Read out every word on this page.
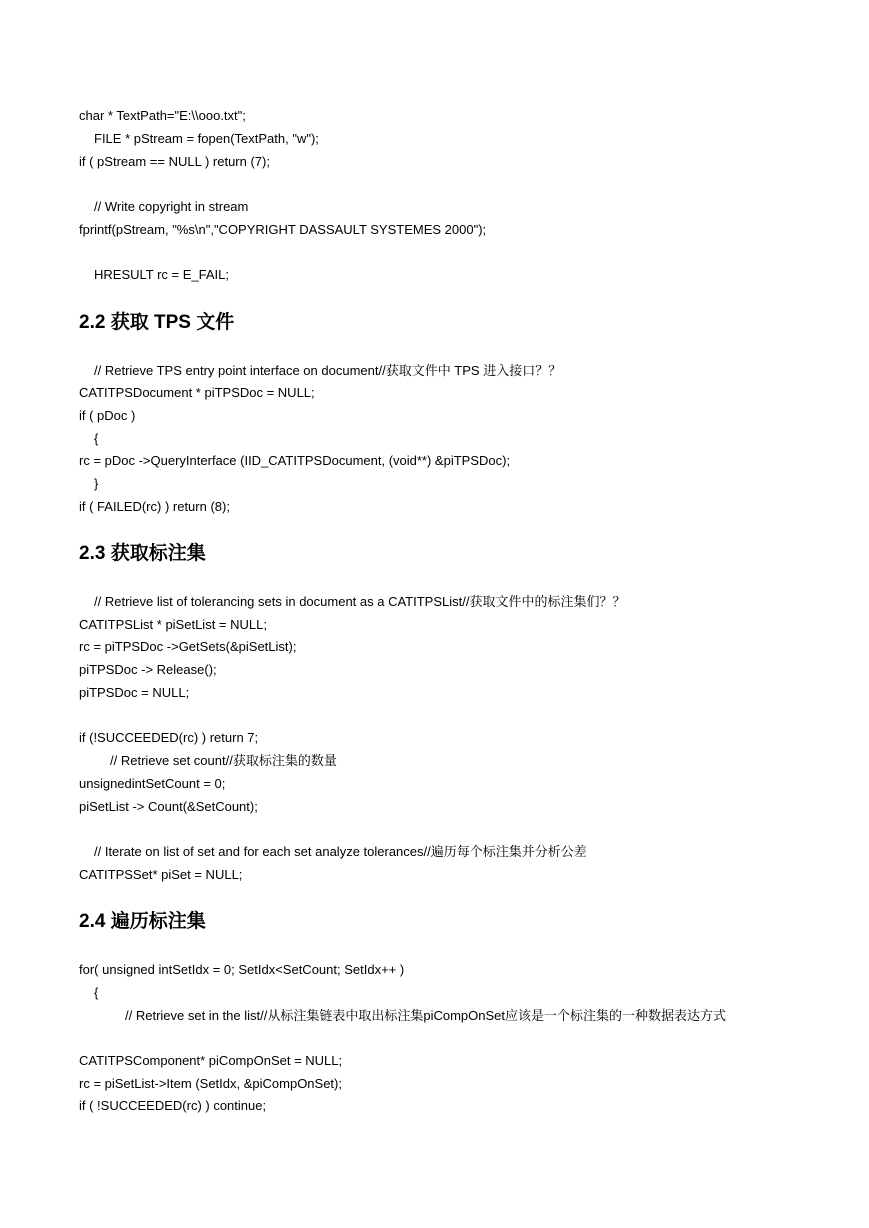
char * TextPath="E:\\ooo.txt";
FILE * pStream = fopen(TextPath, "w");
if ( pStream == NULL ) return (7);
// Write copyright in stream
fprintf(pStream, "%s\n","COPYRIGHT DASSAULT SYSTEMES 2000");
HRESULT rc = E_FAIL;
2.2 获取 TPS 文件
// Retrieve TPS entry point interface on document//获取文件中 TPS 进入接口？？
CATITPSDocument * piTPSDoc = NULL;
if ( pDoc )
{
rc = pDoc ->QueryInterface (IID_CATITPSDocument, (void**) &piTPSDoc);
}
if ( FAILED(rc) ) return (8);
2.3 获取标注集
// Retrieve list of tolerancing sets in document as a CATITPSList//获取文件中的标注集们？？
CATITPSList * piSetList = NULL;
rc = piTPSDoc ->GetSets(&piSetList);
piTPSDoc -> Release();
piTPSDoc = NULL;
if (!SUCCEEDED(rc) ) return 7;
// Retrieve set count//获取标注集的数量
unsignedintSetCount = 0;
piSetList -> Count(&SetCount);
// Iterate on list of set and for each set analyze tolerances//遍历每个标注集并分析公差
CATITPSSet* piSet = NULL;
2.4 遍历标注集
for( unsigned intSetIdx = 0; SetIdx<SetCount; SetIdx++ )
{
// Retrieve set in the list//从标注集链表中取出标注集piCompOnSet应该是一个标注集的一种数据表达方式
CATITPSComponent* piCompOnSet = NULL;
rc = piSetList->Item (SetIdx, &piCompOnSet);
if ( !SUCCEEDED(rc) ) continue;
